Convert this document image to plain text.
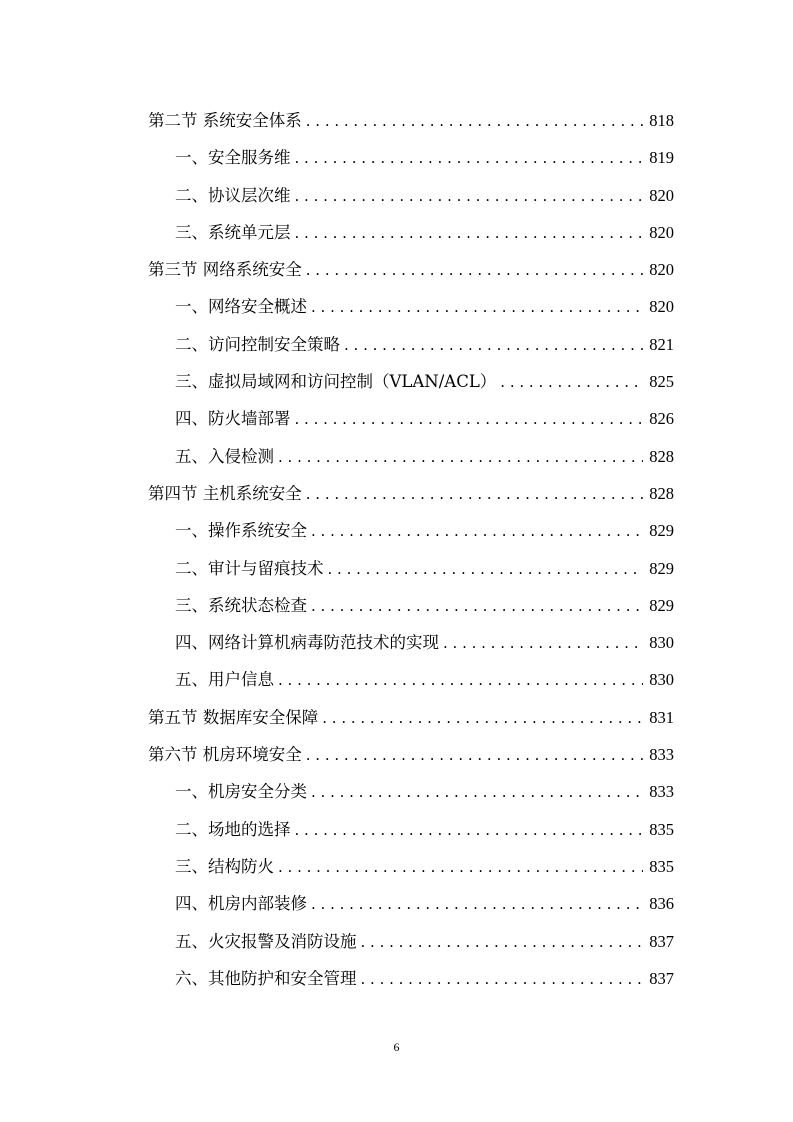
第二节 系统安全体系 . . .	818
一、安全服务维 . . .	819
二、协议层次维 . . .	820
三、系统单元层 . . .	820
第三节 网络系统安全 . . .	820
一、网络安全概述 . . .	820
二、访问控制安全策略 . . .	821
三、虚拟局域网和访问控制（VLAN/ACL） . . .	825
四、防火墙部署 . . .	826
五、入侵检测 . . .	828
第四节 主机系统安全 . . .	828
一、操作系统安全 . . .	829
二、审计与留痕技术 . . .	829
三、系统状态检查 . . .	829
四、网络计算机病毒防范技术的实现 . . .	830
五、用户信息 . . .	830
第五节 数据库安全保障 . . .	831
第六节 机房环境安全 . . .	833
一、机房安全分类 . . .	833
二、场地的选择 . . .	835
三、结构防火 . . .	835
四、机房内部装修 . . .	836
五、火灾报警及消防设施 . . .	837
六、其他防护和安全管理 . . .	837
6
